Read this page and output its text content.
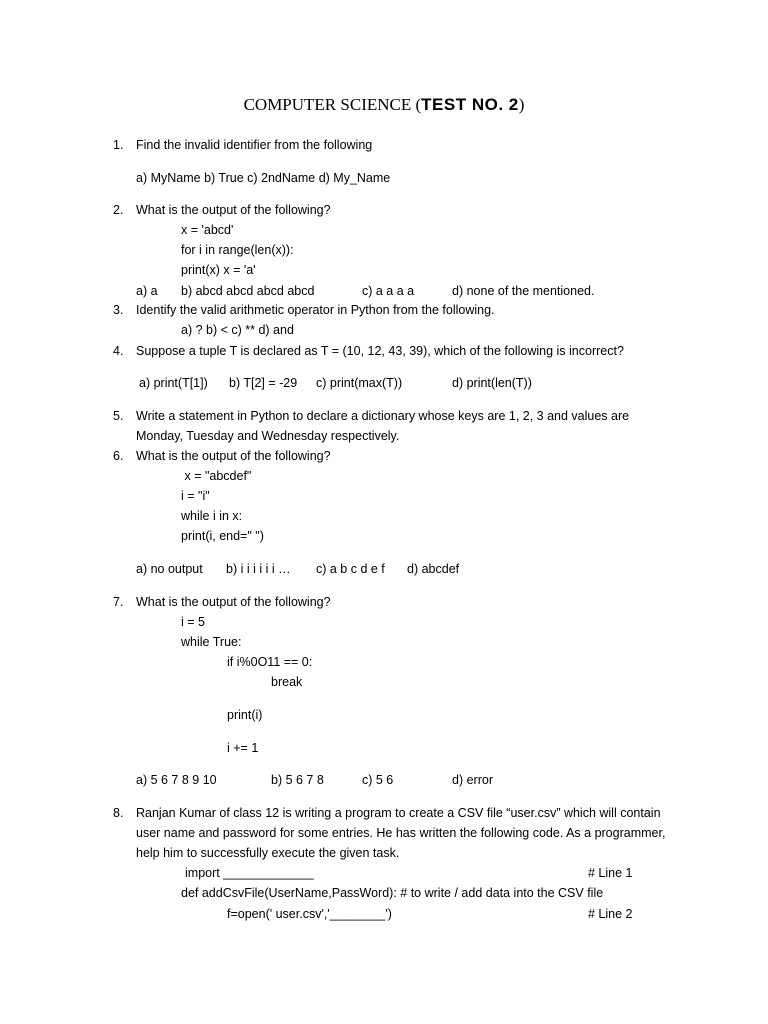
COMPUTER SCIENCE (TEST NO. 2)
1. Find the invalid identifier from the following
a) MyName b) True c) 2ndName d) My_Name
2. What is the output of the following?
x = 'abcd'
for i in range(len(x)):
print(x) x = 'a'
a) a b) abcd abcd abcd abcd	c) a a a a	d) none of the mentioned.
3. Identify the valid arithmetic operator in Python from the following.
a) ? b) < c) ** d) and
4. Suppose a tuple T is declared as T = (10, 12, 43, 39), which of the following is incorrect?
a) print(T[1]) b) T[2] = -29 c) print(max(T))	d) print(len(T))
5. Write a statement in Python to declare a dictionary whose keys are 1, 2, 3 and values are
Monday, Tuesday and Wednesday respectively.
6. What is the output of the following?
x = "abcdef"
i = "i"
while i in x:
print(i, end=" ")
a) no output b) i i i i i i … c) a b c d e f d) abcdef
7. What is the output of the following?
i = 5
while True:
if i%0O11 == 0:
break
print(i)
i += 1
a) 5 6 7 8 9 10	b) 5 6 7 8	c) 5 6	d) error
8. Ranjan Kumar of class 12 is writing a program to create a CSV file “user.csv” which will contain
user name and password for some entries. He has written the following code. As a programmer,
help him to successfully execute the given task.
import _____________	# Line 1
def addCsvFile(UserName,PassWord): # to write / add data into the CSV file
f=open(' user.csv','________')	# Line 2
